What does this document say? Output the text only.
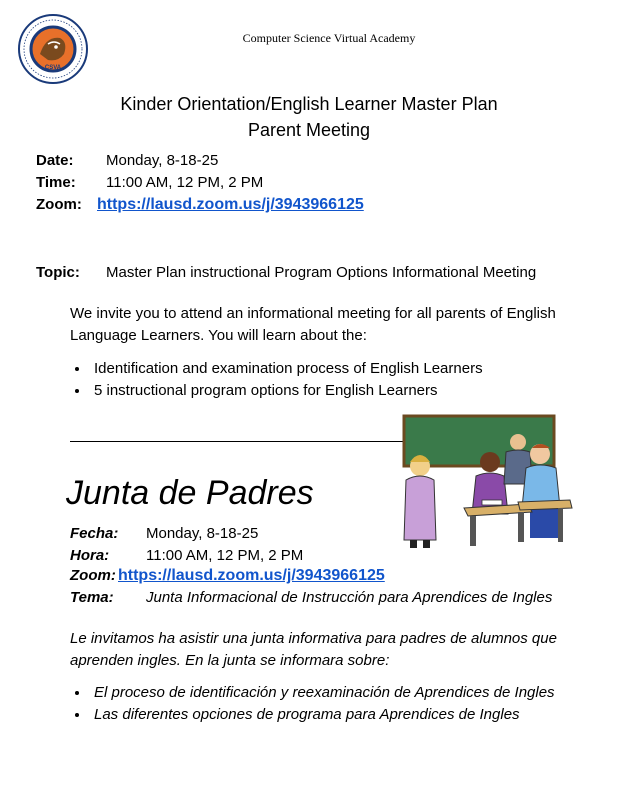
CSVA
Computer Science Virtual Academy
Kinder Orientation/English Learner Master Plan
Parent Meeting
Date: Monday, 8-18-25
Time: 11:00 AM, 12 PM, 2 PM
Zoom: https://lausd.zoom.us/j/3943966125
Topic: Master Plan instructional Program Options Informational Meeting
We invite you to attend an informational meeting for all parents of English Language Learners. You will learn about the:
• Identification and examination process of English Learners
• 5 instructional program options for English Learners
Junta de Padres
Fecha: Monday, 8-18-25
Hora: 11:00 AM, 12 PM, 2 PM
Zoom: https://lausd.zoom.us/j/3943966125
Tema: Junta Informacional de Instrucción para Aprendices de Ingles
Le invitamos ha asistir una junta informativa para padres de alumnos que aprenden ingles. En la junta se informara sobre:
• El proceso de identificación y reexaminación de Aprendices de Ingles
• Las diferentes opciones de programa para Aprendices de Ingles
